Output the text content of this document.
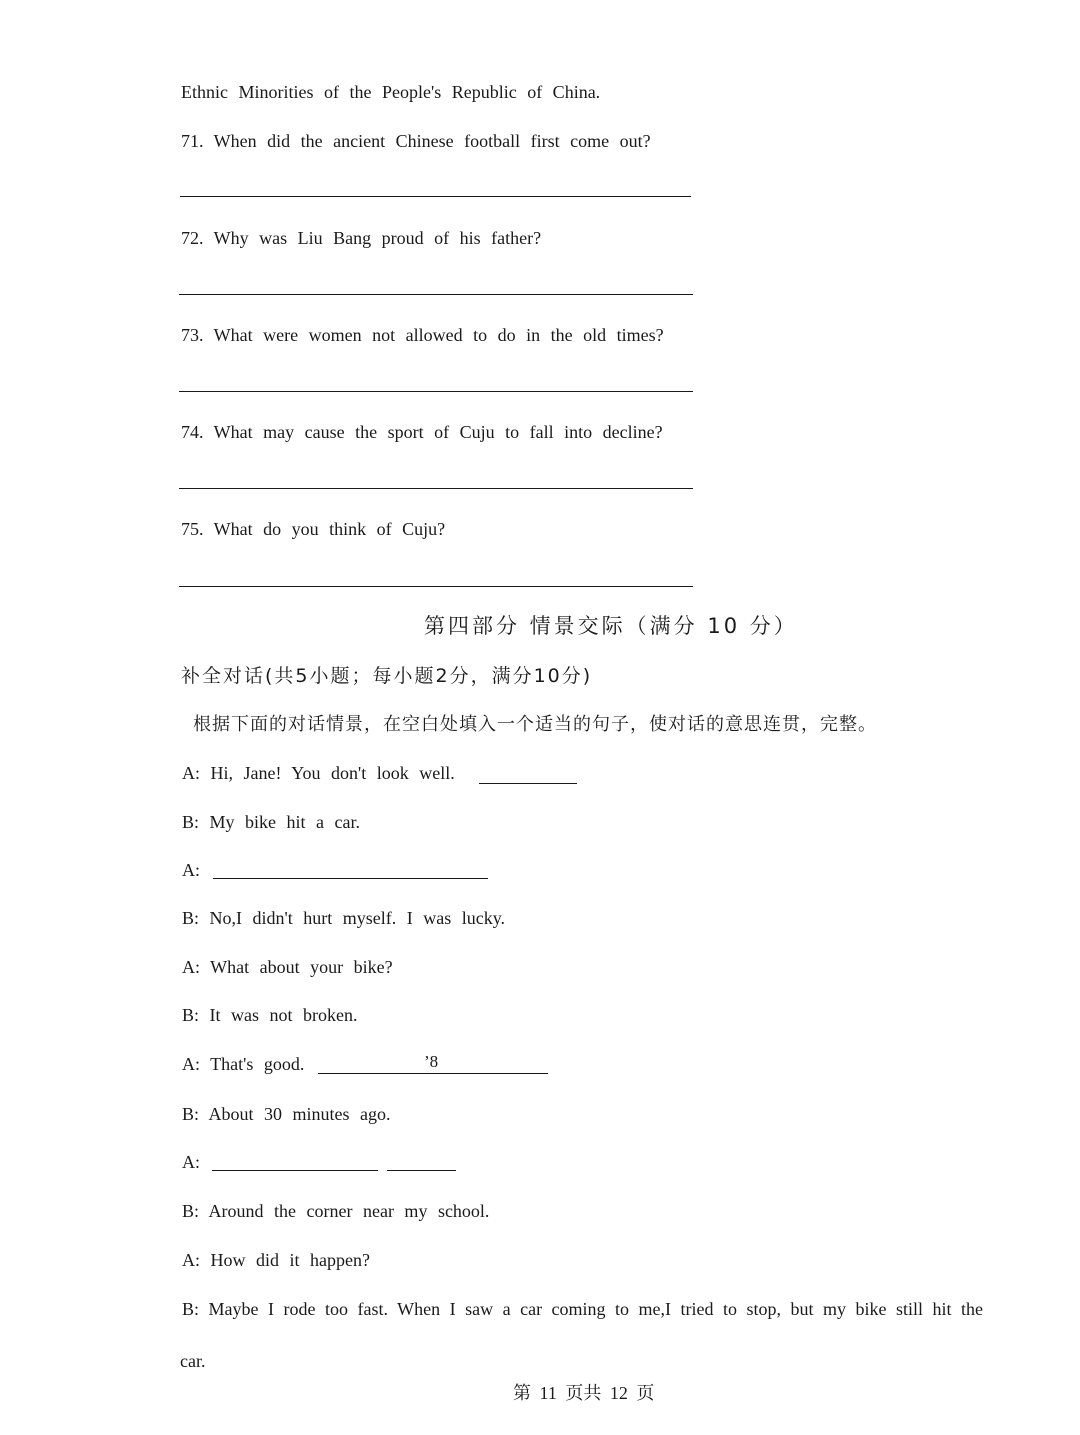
Ethnic Minorities of the People's Republic of China.
71. When did the ancient Chinese football first come out?
72. Why was Liu Bang proud of his father?
73. What were women not allowed to do in the old times?
74. What may cause the sport of Cuju to fall into decline?
75. What do you think of Cuju?
第四部分 情景交际（满分 10 分）
补全对话(共5小题；每小题2分，满分10分)
根据下面的对话情景，在空白处填入一个适当的句子，使对话的意思连贯，完整。
A: Hi, Jane! You don't look well.
B: My bike hit a car.
A:
B: No,I didn't hurt myself. I was lucky.
A: What about your bike?
B: It was not broken.
A: That's good.	’8
B: About 30 minutes ago.
A:
B: Around the corner near my school.
A: How did it happen?
B: Maybe I rode too fast. When I saw a car coming to me,I tried to stop, but my bike still hit the
car.
第 11 页共 12 页
